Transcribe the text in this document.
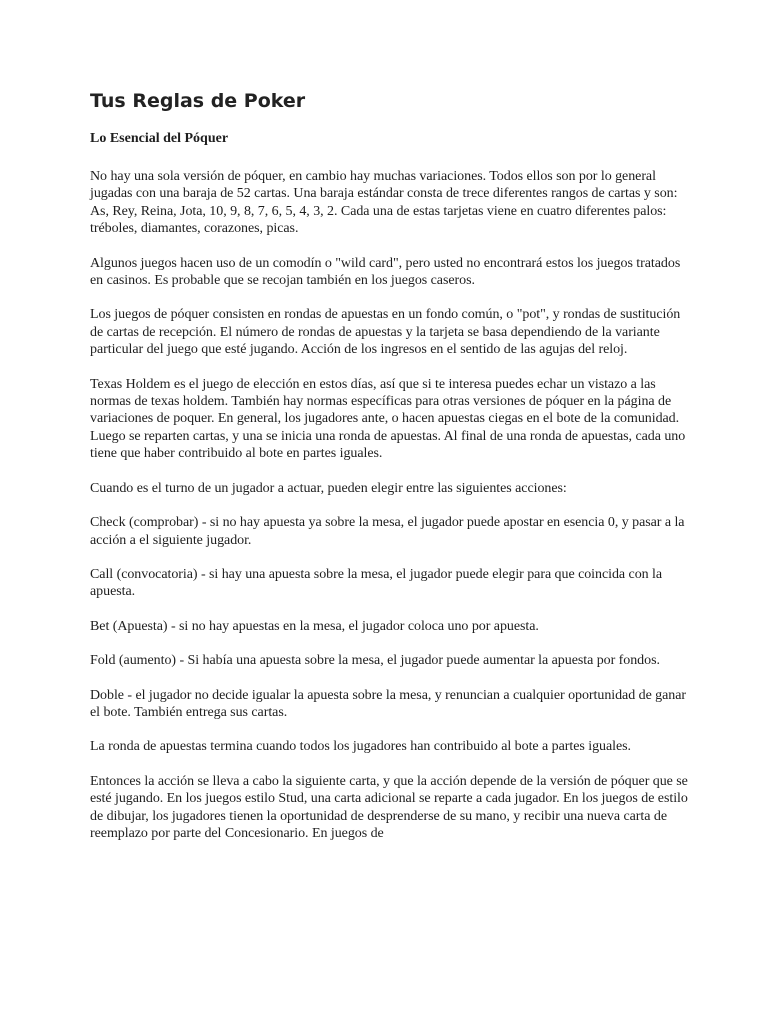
Tus Reglas de Poker
Lo Esencial del Póquer

No hay una sola versión de póquer, en cambio hay muchas variaciones. Todos ellos son por lo general jugadas con una baraja de 52 cartas. Una baraja estándar consta de trece diferentes rangos de cartas y son: As, Rey, Reina, Jota, 10, 9, 8, 7, 6, 5, 4, 3, 2. Cada una de estas tarjetas viene en cuatro diferentes palos: tréboles, diamantes, corazones, picas.

Algunos juegos hacen uso de un comodín o "wild card", pero usted no encontrará estos los juegos tratados en casinos. Es probable que se recojan también en los juegos caseros.

Los juegos de póquer consisten en rondas de apuestas en un fondo común, o "pot", y rondas de sustitución de cartas de recepción. El número de rondas de apuestas y la tarjeta se basa dependiendo de la variante particular del juego que esté jugando. Acción de los ingresos en el sentido de las agujas del reloj.

Texas Holdem es el juego de elección en estos días, así que si te interesa puedes echar un vistazo a las normas de texas holdem. También hay normas específicas para otras versiones de póquer en la página de variaciones de poquer. En general, los jugadores ante, o hacen apuestas ciegas en el bote de la comunidad. Luego se reparten cartas, y una se inicia una ronda de apuestas. Al final de una ronda de apuestas, cada uno tiene que haber contribuido al bote en partes iguales.

Cuando es el turno de un jugador a actuar, pueden elegir entre las siguientes acciones:

Check (comprobar) - si no hay apuesta ya sobre la mesa, el jugador puede apostar en esencia 0, y pasar a la acción a el siguiente jugador.

Call (convocatoria) - si hay una apuesta sobre la mesa, el jugador puede elegir para que coincida con la apuesta.

Bet (Apuesta) - si no hay apuestas en la mesa, el jugador coloca uno por apuesta.

Fold (aumento) - Si había una apuesta sobre la mesa, el jugador puede aumentar la apuesta por fondos.

Doble - el jugador no decide igualar la apuesta sobre la mesa, y renuncian a cualquier oportunidad de ganar el bote. También entrega sus cartas.

La ronda de apuestas termina cuando todos los jugadores han contribuido al bote a partes iguales.

Entonces la acción se lleva a cabo la siguiente carta, y que la acción depende de la versión de póquer que se esté jugando. En los juegos estilo Stud, una carta adicional se reparte a cada jugador. En los juegos de estilo de dibujar, los jugadores tienen la oportunidad de desprenderse de su mano, y recibir una nueva carta de reemplazo por parte del Concesionario. En juegos de
